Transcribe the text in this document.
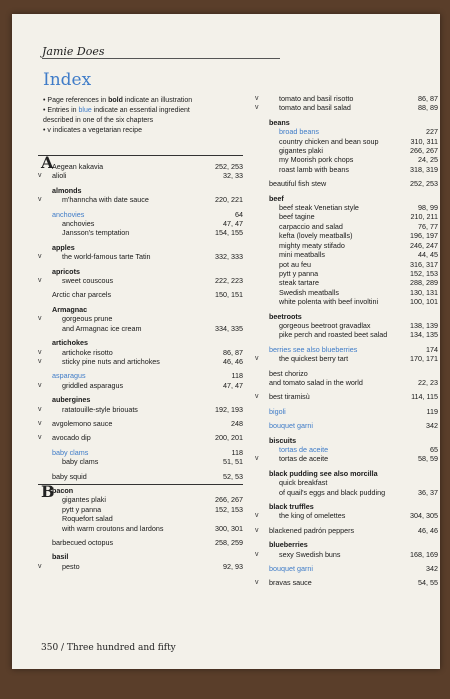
Jamie Does
Index
• Page references in bold indicate an illustration
• Entries in blue indicate an essential ingredient
described in one of the six chapters
• v indicates a vegetarian recipe
A
B
Aegean kakavia	252, 253
v	alioli	32, 33
almonds
v	m'hanncha with date sauce	220, 221
anchovies	64
anchovies	47, 47
Jansson's temptation	154, 155
apples
v	the world-famous tarte Tatin	332, 333
apricots
v	sweet couscous	222, 223
Arctic char parcels	150, 151
Armagnac
v	gorgeous prune
and Armagnac ice cream	334, 335
artichokes
v	artichoke risotto	86, 87
v	sticky pine nuts and artichokes	46, 46
asparagus	118
v	griddled asparagus	47, 47
aubergines
v	ratatouille-style briouats	192, 193
v	avgolemono sauce	248
v	avocado dip	200, 201
baby clams	118
baby clams	51, 51
baby squid	52, 53
bacon
gigantes plaki	266, 267
pytt y panna	152, 153
Roquefort salad
with warm croutons and lardons	300, 301
barbecued octopus	258, 259
basil
v	pesto	92, 93
v	tomato and basil risotto	86, 87
v	tomato and basil salad	88, 89
beans
broad beans	227
country chicken and bean soup	310, 311
gigantes plaki	266, 267
my Moorish pork chops	24, 25
roast lamb with beans	318, 319
beautiful fish stew	252, 253
beef
beef steak Venetian style	98, 99
beef tagine	210, 211
carpaccio and salad	76, 77
kefta (lovely meatballs)	196, 197
mighty meaty stifado	246, 247
mini meatballs	44, 45
pot au feu	316, 317
pytt y panna	152, 153
steak tartare	288, 289
Swedish meatballs	130, 131
white polenta with beef involtini	100, 101
beetroots
gorgeous beetroot gravadlax	138, 139
pike perch and roasted beet salad	134, 135
berries see also blueberries	174
v	the quickest berry tart	170, 171
best chorizo
and tomato salad in the world	22, 23
v	best tiramisù	114, 115
bigoli	119
bouquet garni	342
biscuits
tortas de aceite	65
v	tortas de aceite	58, 59
black pudding see also morcilla
quick breakfast
of quail's eggs and black pudding	36, 37
black truffles
v	the king of omelettes	304, 305
v	blackened padrón peppers	46, 46
blueberries
v	sexy Swedish buns	168, 169
bouquet garni	342
v	bravas sauce	54, 55
350 / Three hundred and fifty
